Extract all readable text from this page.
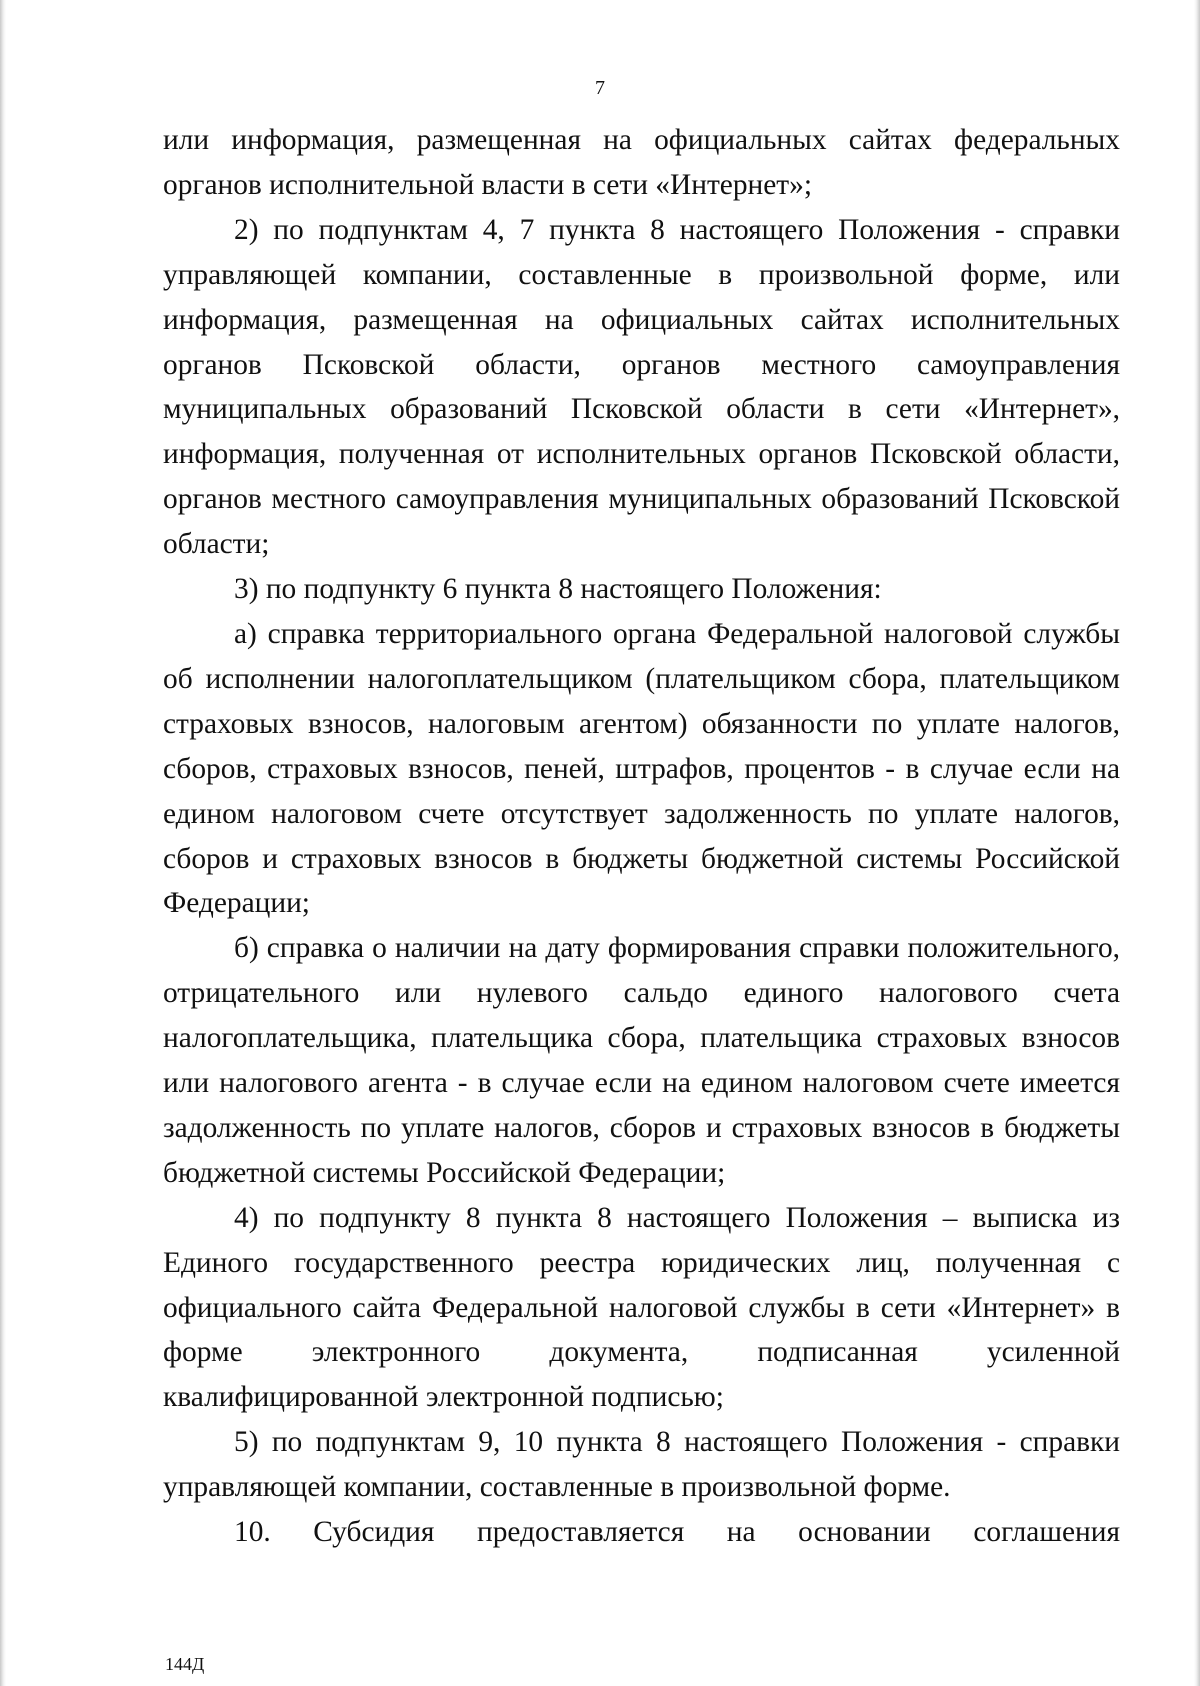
7

или информация, размещенная на официальных сайтах федеральных органов исполнительной власти в сети «Интернет»;

2) по подпунктам 4, 7 пункта 8 настоящего Положения - справки управляющей компании, составленные в произвольной форме, или информация, размещенная на официальных сайтах исполнительных органов Псковской области, органов местного самоуправления муниципальных образований Псковской области в сети «Интернет», информация, полученная от исполнительных органов Псковской области, органов местного самоуправления муниципальных образований Псковской области;

3) по подпункту 6 пункта 8 настоящего Положения:

а) справка территориального органа Федеральной налоговой службы об исполнении налогоплательщиком (плательщиком сбора, плательщиком страховых взносов, налоговым агентом) обязанности по уплате налогов, сборов, страховых взносов, пеней, штрафов, процентов - в случае если на едином налоговом счете отсутствует задолженность по уплате налогов, сборов и страховых взносов в бюджеты бюджетной системы Российской Федерации;

б) справка о наличии на дату формирования справки положительного, отрицательного или нулевого сальдо единого налогового счета налогоплательщика, плательщика сбора, плательщика страховых взносов или налогового агента - в случае если на едином налоговом счете имеется задолженность по уплате налогов, сборов и страховых взносов в бюджеты бюджетной системы Российской Федерации;

4) по подпункту 8 пункта 8 настоящего Положения – выписка из Единого государственного реестра юридических лиц, полученная с официального сайта Федеральной налоговой службы в сети «Интернет» в форме электронного документа, подписанная усиленной квалифицированной электронной подписью;

5) по подпунктам 9, 10 пункта 8 настоящего Положения - справки управляющей компании, составленные в произвольной форме.

10. Субсидия предоставляется на основании соглашения

144Д
